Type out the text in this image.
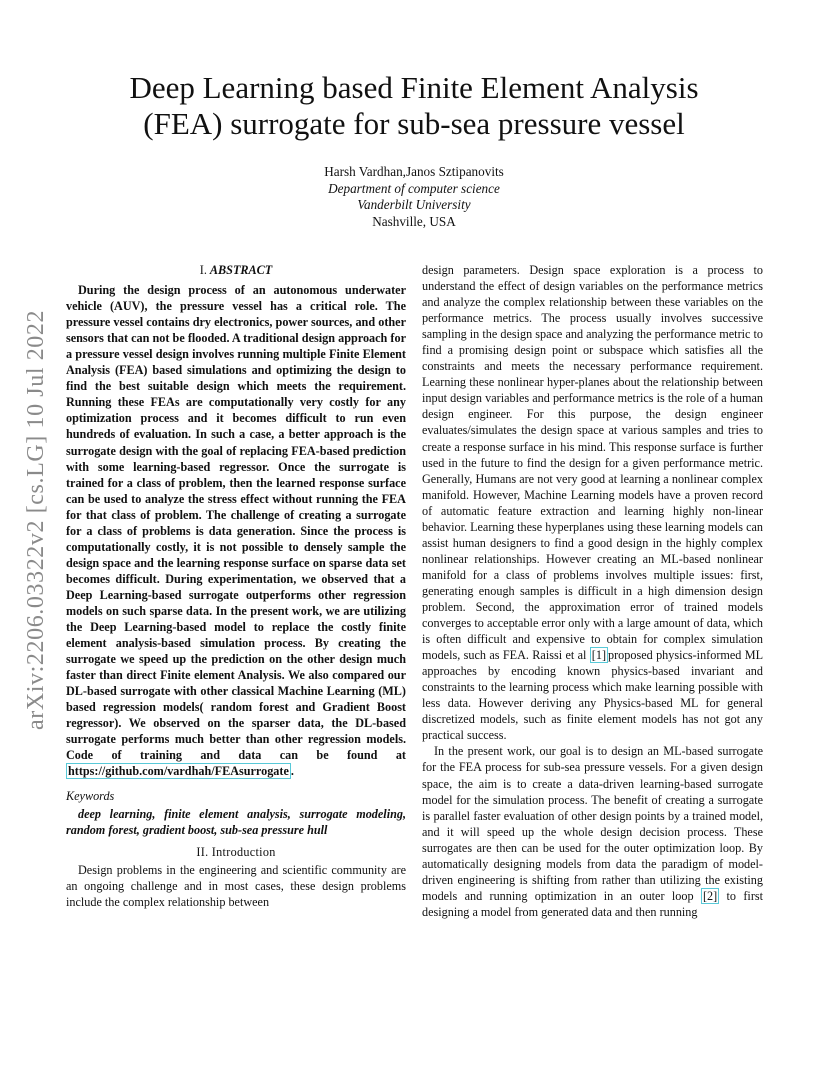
arXiv:2206.03322v2 [cs.LG] 10 Jul 2022
Deep Learning based Finite Element Analysis
(FEA) surrogate for sub-sea pressure vessel
Harsh Vardhan,Janos Sztipanovits
Department of computer science
Vanderbilt University
Nashville, USA
I. ABSTRACT

During the design process of an autonomous underwater vehicle (AUV), the pressure vessel has a critical role. The pressure vessel contains dry electronics, power sources, and other sensors that can not be flooded. A traditional design approach for a pressure vessel design involves running multiple Finite Element Analysis (FEA) based simulations and optimizing the design to find the best suitable design which meets the requirement. Running these FEAs are computationally very costly for any optimization process and it becomes difficult to run even hundreds of evaluation. In such a case, a better approach is the surrogate design with the goal of replacing FEA-based prediction with some learning-based regressor. Once the surrogate is trained for a class of problem, then the learned response surface can be used to analyze the stress effect without running the FEA for that class of problem. The challenge of creating a surrogate for a class of problems is data generation. Since the process is computationally costly, it is not possible to densely sample the design space and the learning response surface on sparse data set becomes difficult. During experimentation, we observed that a Deep Learning-based surrogate outperforms other regression models on such sparse data. In the present work, we are utilizing the Deep Learning-based model to replace the costly finite element analysis-based simulation process. By creating the surrogate we speed up the prediction on the other design much faster than direct Finite element Analysis. We also compared our DL-based surrogate with other classical Machine Learning (ML) based regression models( random forest and Gradient Boost regressor). We observed on the sparser data, the DL-based surrogate performs much better than other regression models. Code of training and data can be found at https://github.com/vardhah/FEAsurrogate .

Keywords

deep learning, finite element analysis, surrogate modeling, random forest, gradient boost, sub-sea pressure hull

II. Introduction

Design problems in the engineering and scientific community are an ongoing challenge and in most cases, these design problems include the complex relationship between

design parameters. Design space exploration is a process to understand the effect of design variables on the performance metrics and analyze the complex relationship between these variables on the performance metrics. The process usually involves successive sampling in the design space and analyzing the performance metric to find a promising design point or subspace which satisfies all the constraints and meets the necessary performance requirement. Learning these nonlinear hyper-planes about the relationship between input design variables and performance metrics is the role of a human design engineer. For this purpose, the design engineer evaluates/simulates the design space at various samples and tries to create a response surface in his mind. This response surface is further used in the future to find the design for a given performance metric. Generally, Humans are not very good at learning a nonlinear complex manifold. However, Machine Learning models have a proven record of automatic feature extraction and learning highly non-linear behavior. Learning these hyperplanes using these learning models can assist human designers to find a good design in the highly complex nonlinear relationships. However creating an ML-based nonlinear manifold for a class of problems involves multiple issues: first, generating enough samples is difficult in a high dimension design problem. Second, the approximation error of trained models converges to acceptable error only with a large amount of data, which is often difficult and expensive to obtain for complex simulation models, such as FEA. Raissi et al [1] proposed physics-informed ML approaches by encoding known physics-based invariant and constraints to the learning process which make learning possible with less data. However deriving any Physics-based ML for general discretized models, such as finite element models has not got any practical success.

In the present work, our goal is to design an ML-based surrogate for the FEA process for sub-sea pressure vessels. For a given design space, the aim is to create a data-driven learning-based surrogate model for the simulation process. The benefit of creating a surrogate is parallel faster evaluation of other design points by a trained model, and it will speed up the whole design decision process. These surrogates are then can be used for the outer optimization loop. By automatically designing models from data the paradigm of model-driven engineering is shifting from rather than utilizing the existing models and running optimization in an outer loop [2] to first designing a model from generated data and then running
